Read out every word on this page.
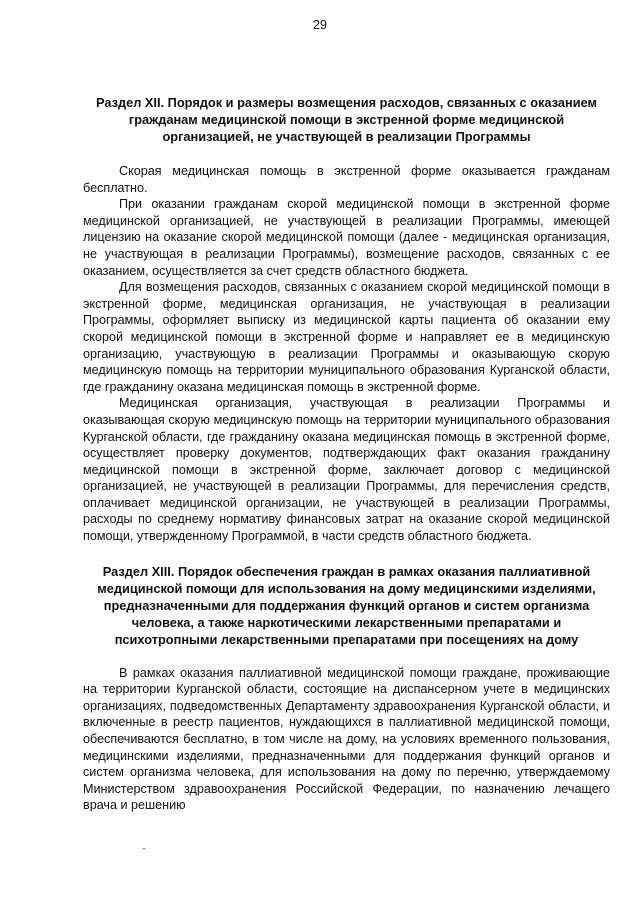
29
Раздел XII. Порядок и размеры возмещения расходов, связанных с оказанием гражданам медицинской помощи в экстренной форме медицинской организацией, не участвующей в реализации Программы

Скорая медицинская помощь в экстренной форме оказывается гражданам бесплатно.

При оказании гражданам скорой медицинской помощи в экстренной форме медицинской организацией, не участвующей в реализации Программы, имеющей лицензию на оказание скорой медицинской помощи (далее - медицинская организация, не участвующая в реализации Программы), возмещение расходов, связанных с ее оказанием, осуществляется за счет средств областного бюджета.

Для возмещения расходов, связанных с оказанием скорой медицинской помощи в экстренной форме, медицинская организация, не участвующая в реализации Программы, оформляет выписку из медицинской карты пациента об оказании ему скорой медицинской помощи в экстренной форме и направляет ее в медицинскую организацию, участвующую в реализации Программы и оказывающую скорую медицинскую помощь на территории муниципального образования Курганской области, где гражданину оказана медицинская помощь в экстренной форме.

Медицинская организация, участвующая в реализации Программы и оказывающая скорую медицинскую помощь на территории муниципального образования Курганской области, где гражданину оказана медицинская помощь в экстренной форме, осуществляет проверку документов, подтверждающих факт оказания гражданину медицинской помощи в экстренной форме, заключает договор с медицинской организацией, не участвующей в реализации Программы, для перечисления средств, оплачивает медицинской организации, не участвующей в реализации Программы, расходы по среднему нормативу финансовых затрат на оказание скорой медицинской помощи, утвержденному Программой, в части средств областного бюджета.

Раздел XIII. Порядок обеспечения граждан в рамках оказания паллиативной медицинской помощи для использования на дому медицинскими изделиями, предназначенными для поддержания функций органов и систем организма человека, а также наркотическими лекарственными препаратами и психотропными лекарственными препаратами при посещениях на дому

В рамках оказания паллиативной медицинской помощи граждане, проживающие на территории Курганской области, состоящие на диспансерном учете в медицинских организациях, подведомственных Департаменту здравоохранения Курганской области, и включенные в реестр пациентов, нуждающихся в паллиативной медицинской помощи, обеспечиваются бесплатно, в том числе на дому, на условиях временного пользования, медицинскими изделиями, предназначенными для поддержания функций органов и систем организма человека, для использования на дому по перечню, утверждаемому Министерством здравоохранения Российской Федерации, по назначению лечащего врача и решению
